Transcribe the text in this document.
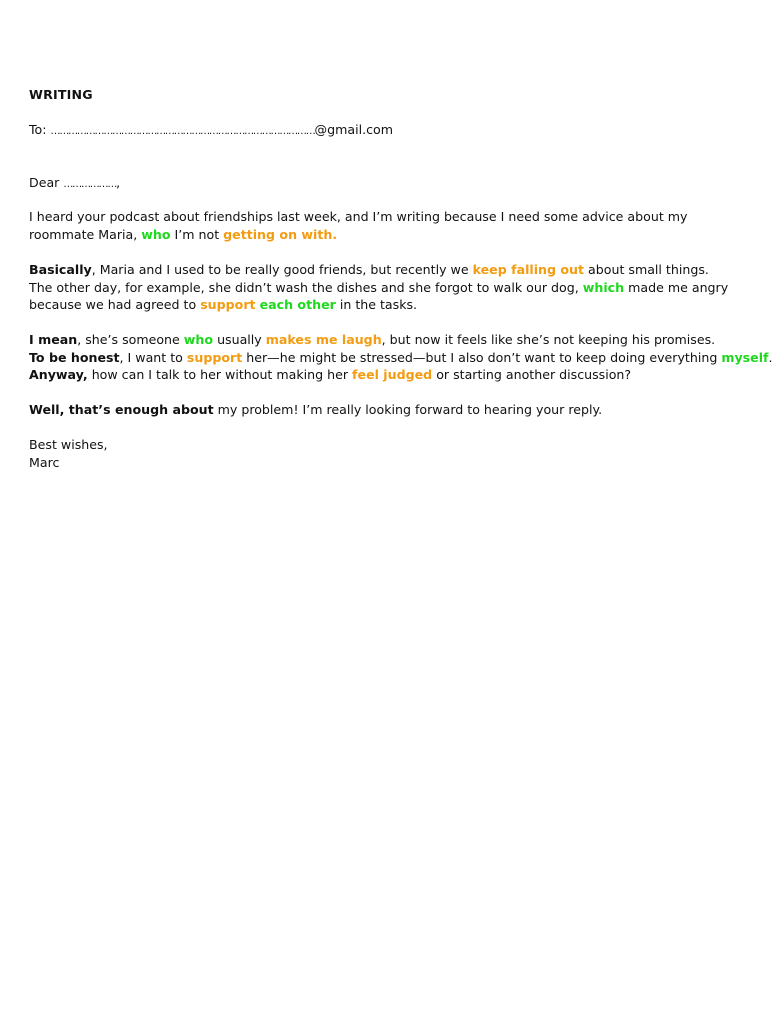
WRITING
To: ………………………………………………………………………………@gmail.com
Dear ………………,
I heard your podcast about friendships last week, and I’m writing because I need some advice about my
roommate Maria, who I’m not getting on with.
Basically, Maria and I used to be really good friends, but recently we keep falling out about small things.
The other day, for example, she didn’t wash the dishes and she forgot to walk our dog, which made me angry
because we had agreed to support each other in the tasks.
I mean, she’s someone who usually makes me laugh, but now it feels like she’s not keeping his promises.
To be honest, I want to support her—he might be stressed—but I also don’t want to keep doing everything myself.
Anyway, how can I talk to her without making her feel judged or starting another discussion?
Well, that’s enough about my problem! I’m really looking forward to hearing your reply.
Best wishes,
Marc
